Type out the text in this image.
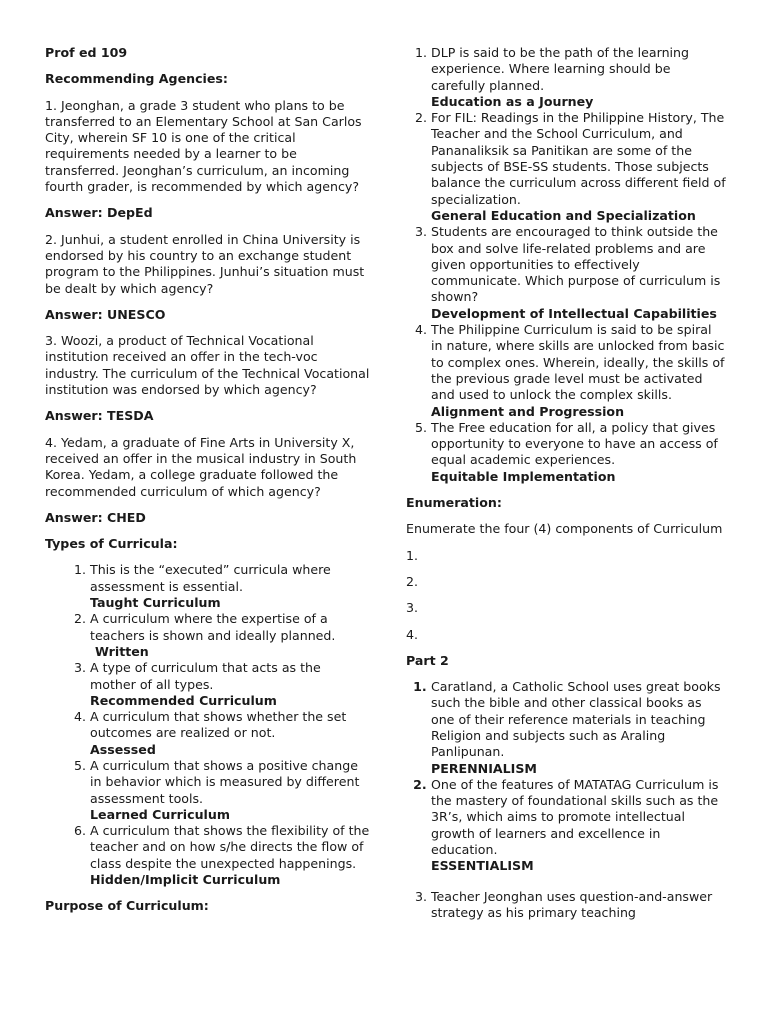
Prof ed 109

Recommending Agencies:

1. Jeonghan, a grade 3 student who plans to be transferred to an Elementary School at San Carlos City, wherein SF 10 is one of the critical requirements needed by a learner to be transferred. Jeonghan’s curriculum, an incoming fourth grader, is recommended by which agency?

Answer: DepEd

2. Junhui, a student enrolled in China University is endorsed by his country to an exchange student program to the Philippines. Junhui’s situation must be dealt by which agency?

Answer: UNESCO

3. Woozi, a product of Technical Vocational institution received an offer in the tech-voc industry. The curriculum of the Technical Vocational institution was endorsed by which agency?

Answer: TESDA

4. Yedam, a graduate of Fine Arts in University X, received an offer in the musical industry in South Korea. Yedam, a college graduate followed the recommended curriculum of which agency?

Answer: CHED

Types of Curricula:

1. This is the “executed” curricula where assessment is essential.
Taught Curriculum
2. A curriculum where the expertise of a teachers is shown and ideally planned.
Written
3. A type of curriculum that acts as the mother of all types.
Recommended Curriculum
4. A curriculum that shows whether the set outcomes are realized or not.
Assessed
5. A curriculum that shows a positive change in behavior which is measured by different assessment tools.
Learned Curriculum
6. A curriculum that shows the flexibility of the teacher and on how s/he directs the flow of class despite the unexpected happenings.
Hidden/Implicit Curriculum

Purpose of Curriculum:

1. DLP is said to be the path of the learning experience. Where learning should be carefully planned.
Education as a Journey
2. For FIL: Readings in the Philippine History, The Teacher and the School Curriculum, and Pananaliksik sa Panitikan are some of the subjects of BSE-SS students. Those subjects balance the curriculum across different field of specialization.
General Education and Specialization
3. Students are encouraged to think outside the box and solve life-related problems and are given opportunities to effectively communicate. Which purpose of curriculum is shown?
Development of Intellectual Capabilities
4. The Philippine Curriculum is said to be spiral in nature, where skills are unlocked from basic to complex ones. Wherein, ideally, the skills of the previous grade level must be activated and used to unlock the complex skills.
Alignment and Progression
5. The Free education for all, a policy that gives opportunity to everyone to have an access of equal academic experiences.
Equitable Implementation

Enumeration:

Enumerate the four (4) components of Curriculum

1.

2.

3.

4.

Part 2

1. Caratland, a Catholic School uses great books such the bible and other classical books as one of their reference materials in teaching Religion and subjects such as Araling Panlipunan.
PERENNIALISM
2. One of the features of MATATAG Curriculum is the mastery of foundational skills such as the 3R’s, which aims to promote intellectual growth of learners and excellence in education.
ESSENTIALISM
3. Teacher Jeonghan uses question-and-answer strategy as his primary teaching
